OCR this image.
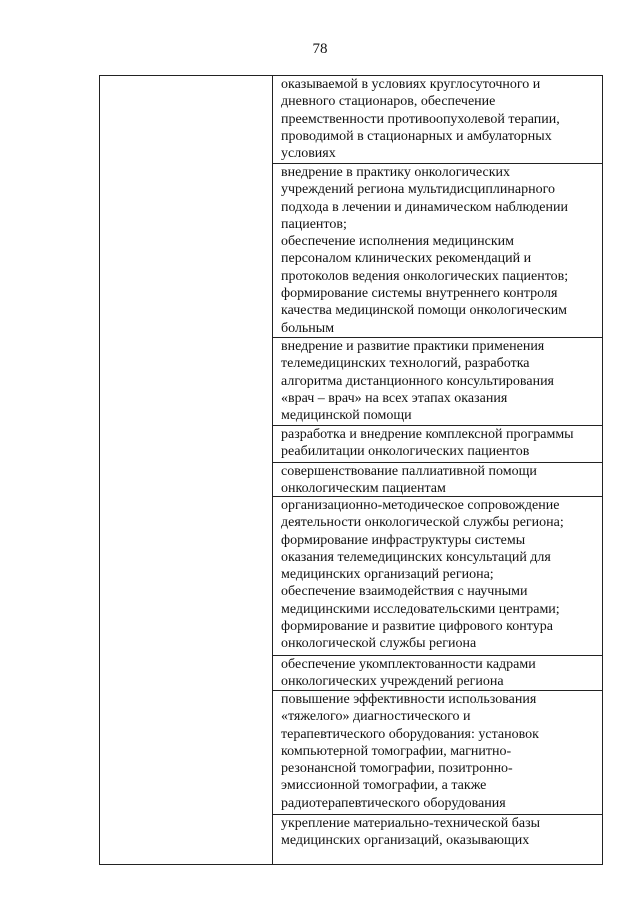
78
оказываемой в условиях круглосуточного и
дневного стационаров, обеспечение
преемственности противоопухолевой терапии,
проводимой в стационарных и амбулаторных
условиях
внедрение в практику онкологических
учреждений региона мультидисциплинарного
подхода в лечении и динамическом наблюдении
пациентов;
обеспечение исполнения медицинским
персоналом клинических рекомендаций и
протоколов ведения онкологических пациентов;
формирование системы внутреннего контроля
качества медицинской помощи онкологическим
больным
внедрение и развитие практики применения
телемедицинских технологий, разработка
алгоритма дистанционного консультирования
«врач – врач» на всех этапах оказания
медицинской помощи
разработка и внедрение комплексной программы
реабилитации онкологических пациентов
совершенствование паллиативной помощи
онкологическим пациентам
организационно-методическое сопровождение
деятельности онкологической службы региона;
формирование инфраструктуры системы
оказания телемедицинских консультаций для
медицинских организаций региона;
обеспечение взаимодействия с научными
медицинскими исследовательскими центрами;
формирование и развитие цифрового контура
онкологической службы региона
обеспечение укомплектованности кадрами
онкологических учреждений региона
повышение эффективности использования
«тяжелого» диагностического и
терапевтического оборудования: установок
компьютерной томографии, магнитно-
резонансной томографии, позитронно-
эмиссионной томографии, а также
радиотерапевтического оборудования
укрепление материально-технической базы
медицинских организаций, оказывающих
